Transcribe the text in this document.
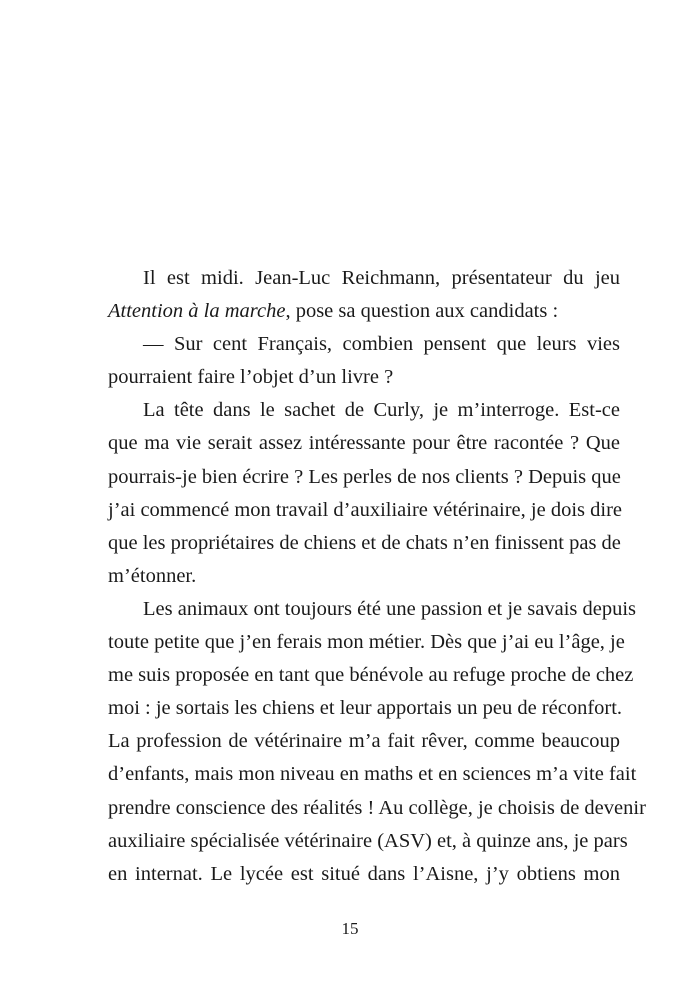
Il est midi. Jean-Luc Reichmann, présentateur du jeu
Attention à la marche, pose sa question aux candidats :
— Sur cent Français, combien pensent que leurs vies
pourraient faire l’objet d’un livre ?
La tête dans le sachet de Curly, je m’interroge. Est-ce
que ma vie serait assez intéressante pour être racontée ? Que
pourrais-je bien écrire ? Les perles de nos clients ? Depuis que
j’ai commencé mon travail d’auxiliaire vétérinaire, je dois dire
que les propriétaires de chiens et de chats n’en finissent pas de
m’étonner.
Les animaux ont toujours été une passion et je savais depuis
toute petite que j’en ferais mon métier. Dès que j’ai eu l’âge, je
me suis proposée en tant que bénévole au refuge proche de chez
moi : je sortais les chiens et leur apportais un peu de réconfort.
La profession de vétérinaire m’a fait rêver, comme beaucoup
d’enfants, mais mon niveau en maths et en sciences m’a vite fait
prendre conscience des réalités ! Au collège, je choisis de devenir
auxiliaire spécialisée vétérinaire (ASV) et, à quinze ans, je pars
en internat. Le lycée est situé dans l’Aisne, j’y obtiens mon
15
